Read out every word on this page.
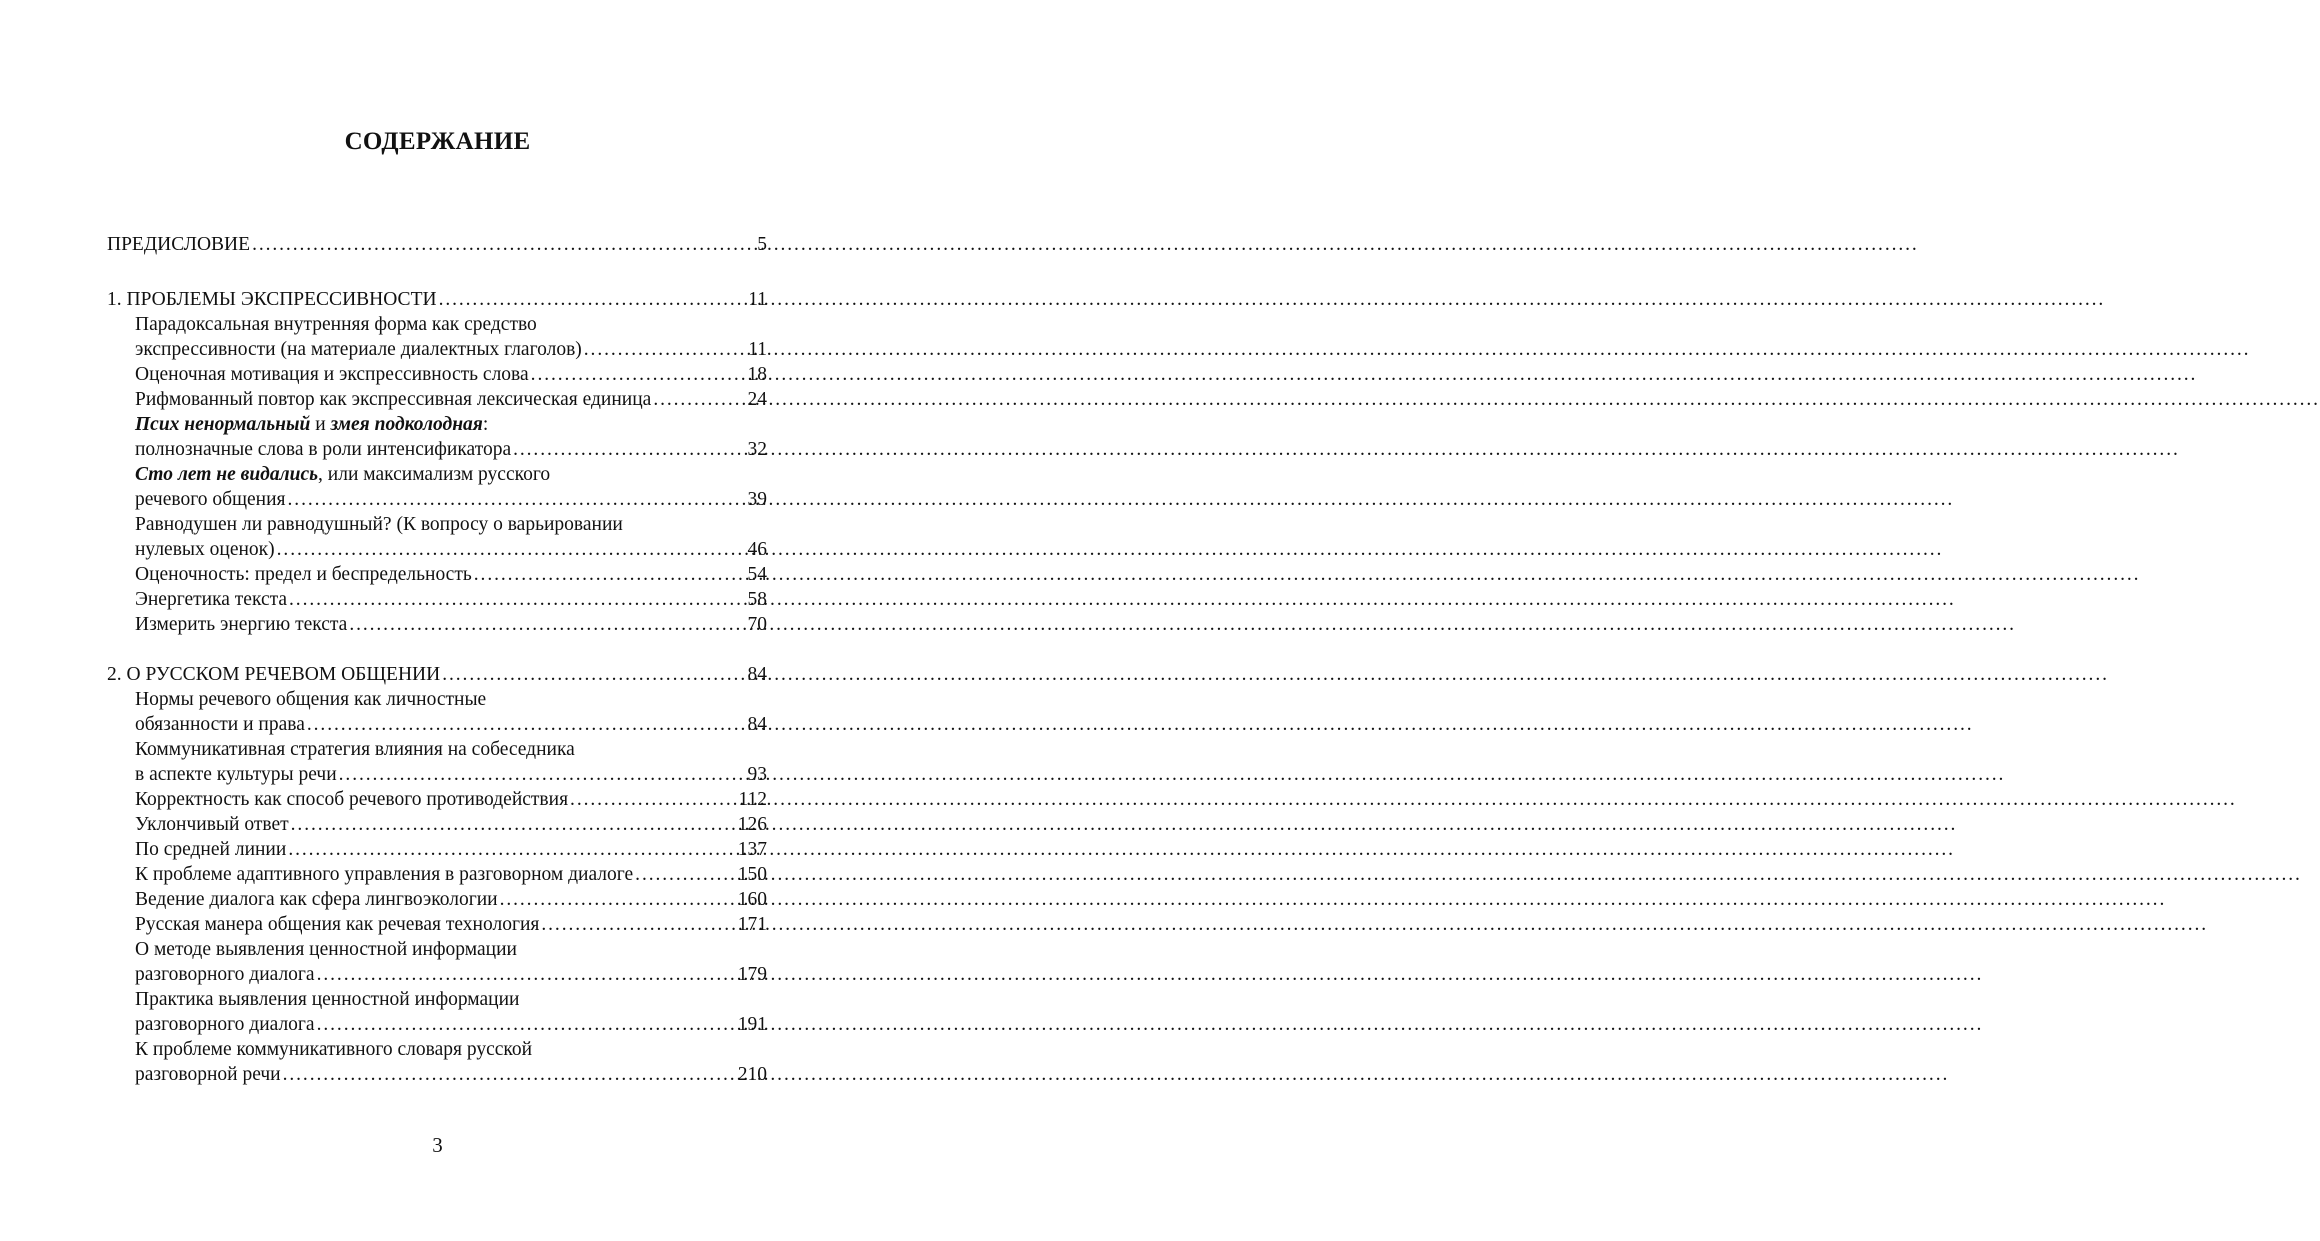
СОДЕРЖАНИЕ
ПРЕДИСЛОВИЕ .....	5
1. ПРОБЛЕМЫ ЭКСПРЕССИВНОСТИ .....	11
Парадоксальная внутренняя форма как средство
экспрессивности (на материале диалектных глаголов) .....	11
Оценочная мотивация и экспрессивность слова .....	18
Рифмованный повтор как экспрессивная лексическая единица .....	24
Псих ненормальный и змея подколодная:
полнозначные слова в роли интенсификатора .....	32
Сто лет не видались, или максимализм русского
речевого общения .....	39
Равнодушен ли равнодушный? (К вопросу о варьировании
нулевых оценок) .....	46
Оценочность: предел и беспредельность .....	54
Энергетика текста .....	58
Измерить энергию текста .....	70
2. О РУССКОМ РЕЧЕВОМ ОБЩЕНИИ .....	84
Нормы речевого общения как личностные
обязанности и права .....	84
Коммуникативная стратегия влияния на собеседника
в аспекте культуры речи .....	93
Корректность как способ речевого противодействия .....	112
Уклончивый ответ .....	126
По средней линии .....	137
К проблеме адаптивного управления в разговорном диалоге .....	150
Ведение диалога как сфера лингвоэкологии .....	160
Русская манера общения как речевая технология .....	171
О методе выявления ценностной информации
разговорного диалога .....	179
Практика выявления ценностной информации
разговорного диалога .....	191
К проблеме коммуникативного словаря русской
разговорной речи .....	210
3
